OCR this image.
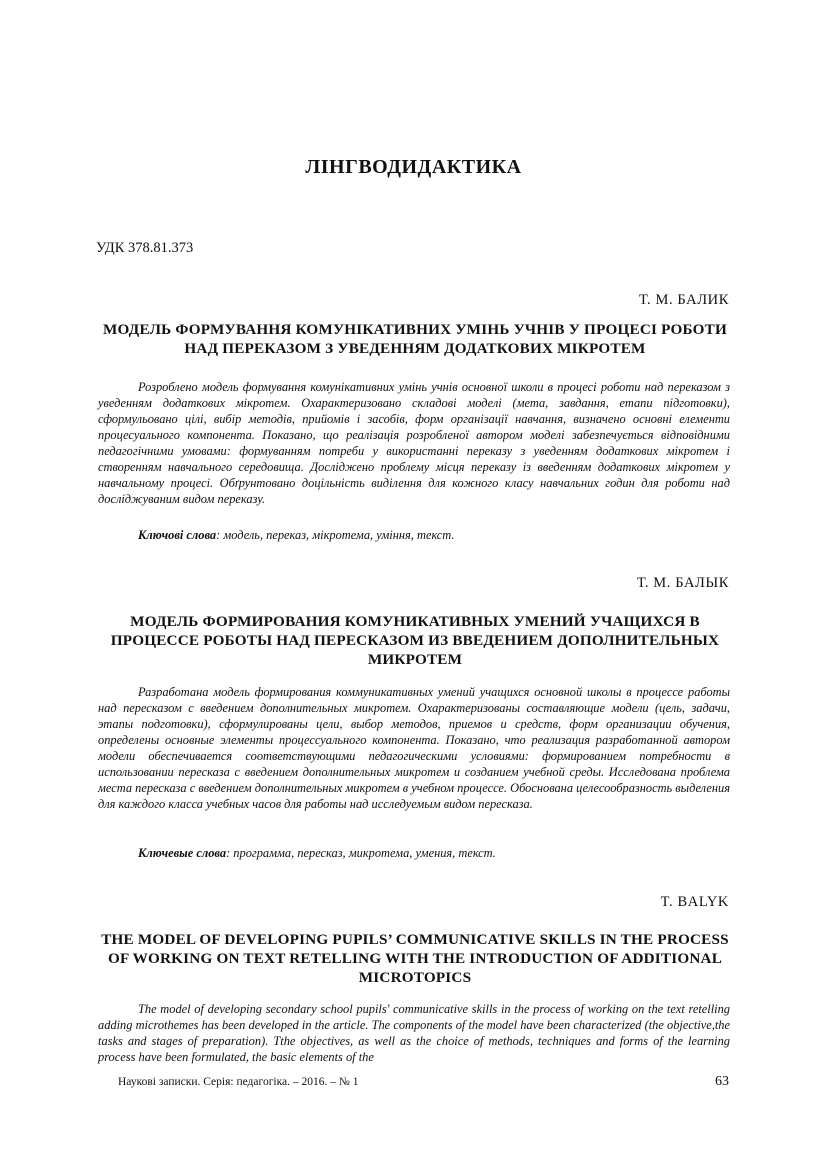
ЛІНГВОДИДАКТИКА
УДК 378.81.373
Т. М. БАЛИК
МОДЕЛЬ ФОРМУВАННЯ КОМУНІКАТИВНИХ УМІНЬ УЧНІВ У ПРОЦЕСІ РОБОТИ НАД ПЕРЕКАЗОМ З УВЕДЕННЯМ ДОДАТКОВИХ МІКРОТЕМ

Розроблено модель формування комунікативних умінь учнів основної школи в процесі роботи над переказом з уведенням додаткових мікротем. Охарактеризовано складові моделі (мета, завдання, етапи підготовки), сформульовано цілі, вибір методів, прийомів і засобів, форм організації навчання, визначено основні елементи процесуального компонента. Показано, що реалізація розробленої автором моделі забезпечується відповідними педагогічними умовами: формуванням потреби у використанні переказу з уведенням додаткових мікротем і створенням навчального середовища. Досліджено проблему місця переказу із введенням додаткових мікротем у навчальному процесі. Обґрунтовано доцільність виділення для кожного класу навчальних годин для роботи над досліджуваним видом переказу.

Ключові слова: модель, переказ, мікротема, уміння, текст.
Т. М. БАЛЫК
МОДЕЛЬ ФОРМИРОВАНИЯ КОМУНИКАТИВНЫХ УМЕНИЙ УЧАЩИХСЯ В ПРОЦЕССЕ РОБОТЫ НАД ПЕРЕСКАЗОМ ИЗ ВВЕДЕНИЕМ ДОПОЛНИТЕЛЬНЫХ МИКРОТЕМ

Разработана модель формирования коммуникативных умений учащихся основной школы в процессе работы над пересказом с введением дополнительных микротем. Охарактеризованы составляющие модели (цель, задачи, этапы подготовки), сформулированы цели, выбор методов, приемов и средств, форм организации обучения, определены основные элементы процессуального компонента. Показано, что реализация разработанной автором модели обеспечивается соответствующими педагогическими условиями: формированием потребности в использовании пересказа с введением дополнительных микротем и созданием учебной среды. Исследована проблема места пересказа с введением дополнительных микротем в учебном процессе. Обоснована целесообразность выделения для каждого класса учебных часов для работы над исследуемым видом пересказа.

Ключевые слова: программа, пересказ, микротема, умения, текст.
T. BALYK
THE MODEL OF DEVELOPING PUPILS’ COMMUNICATIVE SKILLS IN THE PROCESS OF WORKING ON TEXT RETELLING WITH THE INTRODUCTION OF ADDITIONAL MICROTOPICS

The model of developing secondary school pupils' communicative skills in the process of working on the text retelling adding microthemes has been developed in the article. The components of the model have been characterized (the objective,the tasks and stages of preparation). Tthe objectives, as well as the choice of methods, techniques and forms of the learning process have been formulated, the basic elements of the

Наукові записки. Серія: педагогіка. – 2016. – № 1	63
